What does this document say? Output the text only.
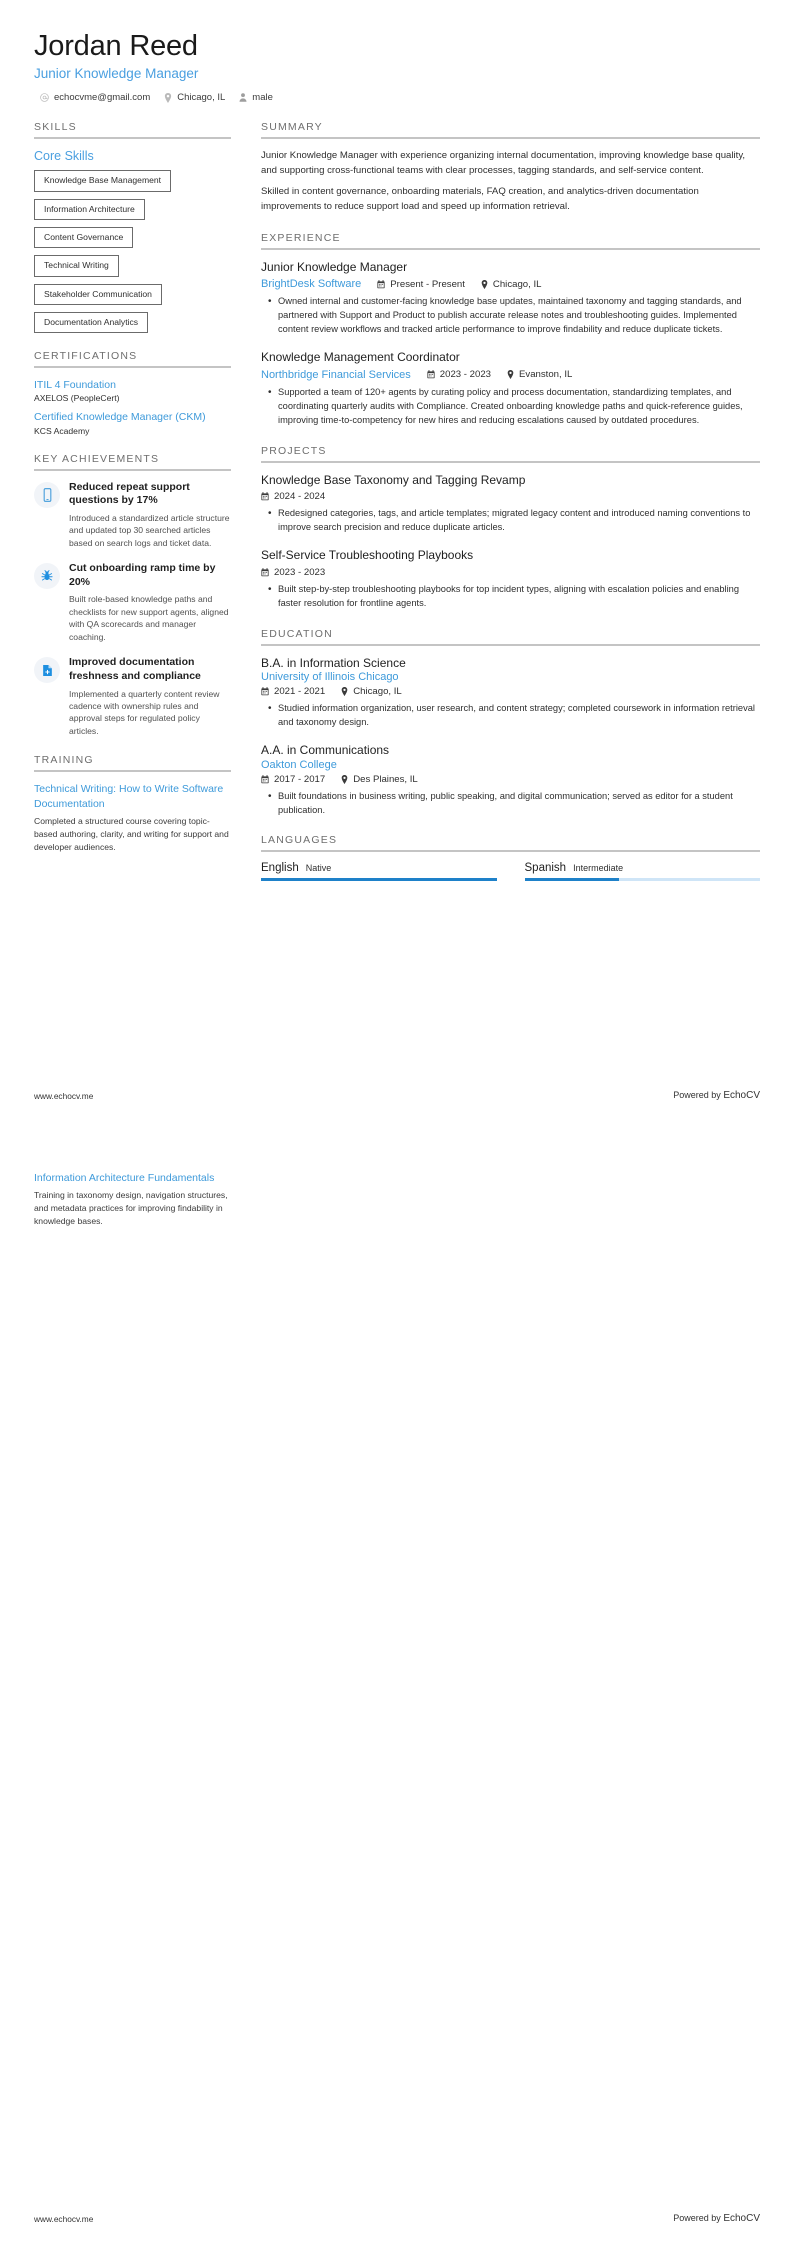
Jordan Reed
Junior Knowledge Manager
echocvme@gmail.com	Chicago, IL	male
SKILLS
Core Skills
Knowledge Base Management
Information Architecture
Content Governance
Technical Writing
Stakeholder Communication
Documentation Analytics
CERTIFICATIONS
ITIL 4 Foundation
AXELOS (PeopleCert)
Certified Knowledge Manager (CKM)
KCS Academy
KEY ACHIEVEMENTS
Reduced repeat support questions by 17%
Introduced a standardized article structure and updated top 30 searched articles based on search logs and ticket data.
Cut onboarding ramp time by 20%
Built role-based knowledge paths and checklists for new support agents, aligned with QA scorecards and manager coaching.
Improved documentation freshness and compliance
Implemented a quarterly content review cadence with ownership rules and approval steps for regulated policy articles.
TRAINING
Technical Writing: How to Write Software Documentation
Completed a structured course covering topic-based authoring, clarity, and writing for support and developer audiences.
SUMMARY

Junior Knowledge Manager with experience organizing internal documentation, improving knowledge base quality, and supporting cross-functional teams with clear processes, tagging standards, and self-service content.

Skilled in content governance, onboarding materials, FAQ creation, and analytics-driven documentation improvements to reduce support load and speed up information retrieval.

EXPERIENCE
Junior Knowledge Manager
BrightDesk Software	Present - Present	Chicago, IL
• Owned internal and customer-facing knowledge base updates, maintained taxonomy and tagging standards, and partnered with Support and Product to publish accurate release notes and troubleshooting guides. Implemented content review workflows and tracked article performance to improve findability and reduce duplicate tickets.
Knowledge Management Coordinator
Northbridge Financial Services	2023 - 2023	Evanston, IL
• Supported a team of 120+ agents by curating policy and process documentation, standardizing templates, and coordinating quarterly audits with Compliance. Created onboarding knowledge paths and quick-reference guides, improving time-to-competency for new hires and reducing escalations caused by outdated procedures.
PROJECTS
Knowledge Base Taxonomy and Tagging Revamp
2024 - 2024
• Redesigned categories, tags, and article templates; migrated legacy content and introduced naming conventions to improve search precision and reduce duplicate articles.
Self-Service Troubleshooting Playbooks
2023 - 2023
• Built step-by-step troubleshooting playbooks for top incident types, aligning with escalation policies and enabling faster resolution for frontline agents.
EDUCATION
B.A. in Information Science
University of Illinois Chicago
2021 - 2021	Chicago, IL
• Studied information organization, user research, and content strategy; completed coursework in information retrieval and taxonomy design.
A.A. in Communications
Oakton College
2017 - 2017	Des Plaines, IL
• Built foundations in business writing, public speaking, and digital communication; served as editor for a student publication.
LANGUAGES
English Native	Spanish Intermediate
www.echocv.me	Powered by EchoCV
Information Architecture Fundamentals
Training in taxonomy design, navigation structures, and metadata practices for improving findability in knowledge bases.
www.echocv.me	Powered by EchoCV
